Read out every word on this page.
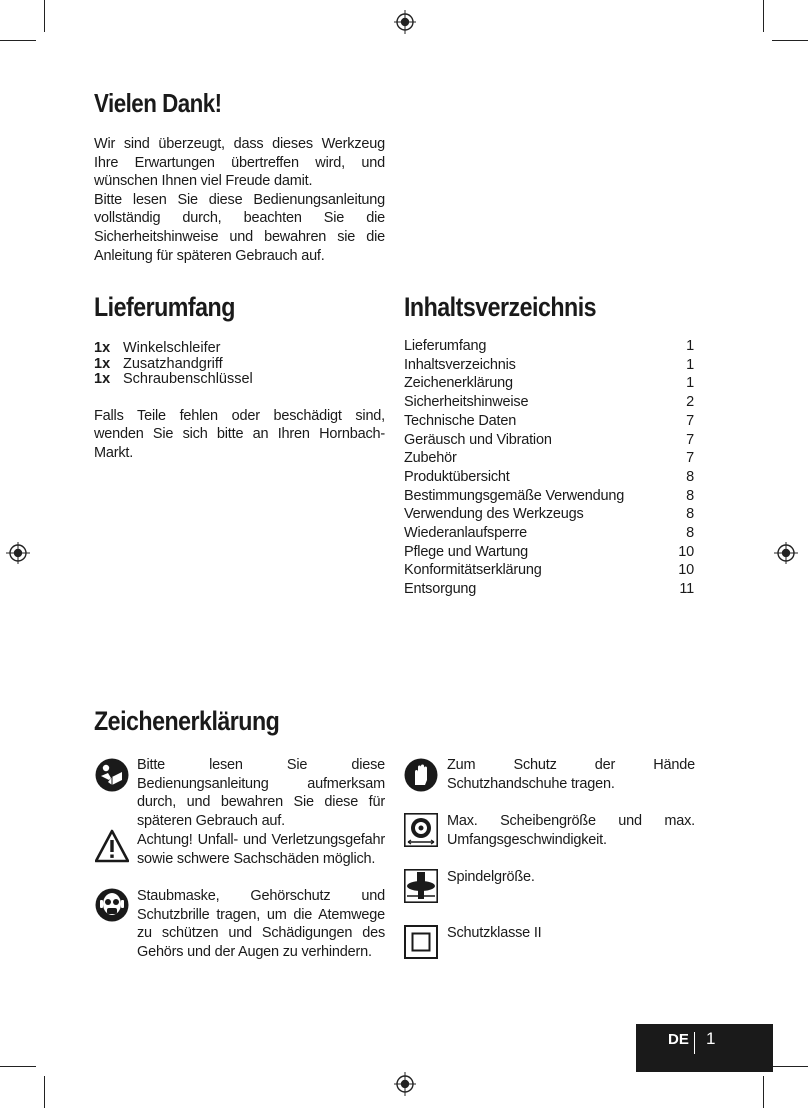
Vielen Dank!

Wir sind überzeugt, dass dieses Werkzeug Ihre Erwartungen übertreffen wird, und wünschen Ihnen viel Freude damit.

Bitte lesen Sie diese Bedienungsanleitung vollständig durch, beachten Sie die Sicherheitshinweise und bewahren sie die Anleitung für späteren Gebrauch auf.

Lieferumfang
1x Winkelschleifer
1x Zusatzhandgriff
1x Schraubenschlüssel

Falls Teile fehlen oder beschädigt sind, wenden Sie sich bitte an Ihren Hornbach-Markt.

Inhaltsverzeichnis
Lieferumfang	1
Inhaltsverzeichnis	1
Zeichenerklärung	1
Sicherheitshinweise	2
Technische Daten	7
Geräusch und Vibration	7
Zubehör	7
Produktübersicht	8
Bestimmungsgemäße Verwendung	8
Verwendung des Werkzeugs	8
Wiederanlaufsperre	8
Pflege und Wartung	10
Konformitätserklärung	10
Entsorgung	11
Zeichenerklärung
Bitte lesen Sie diese Bedienungsanleitung aufmerksam durch, und bewahren Sie diese für späteren Gebrauch auf.
Achtung! Unfall- und Verletzungsgefahr sowie schwere Sachschäden möglich.
Staubmaske, Gehörschutz und Schutzbrille tragen, um die Atemwege zu schützen und Schädigungen des Gehörs und der Augen zu verhindern.
Zum Schutz der Hände Schutzhandschuhe tragen.
Max. Scheibengröße und max. Umfangsgeschwindigkeit.
Spindelgröße.
Schutzklasse II
DE 1
